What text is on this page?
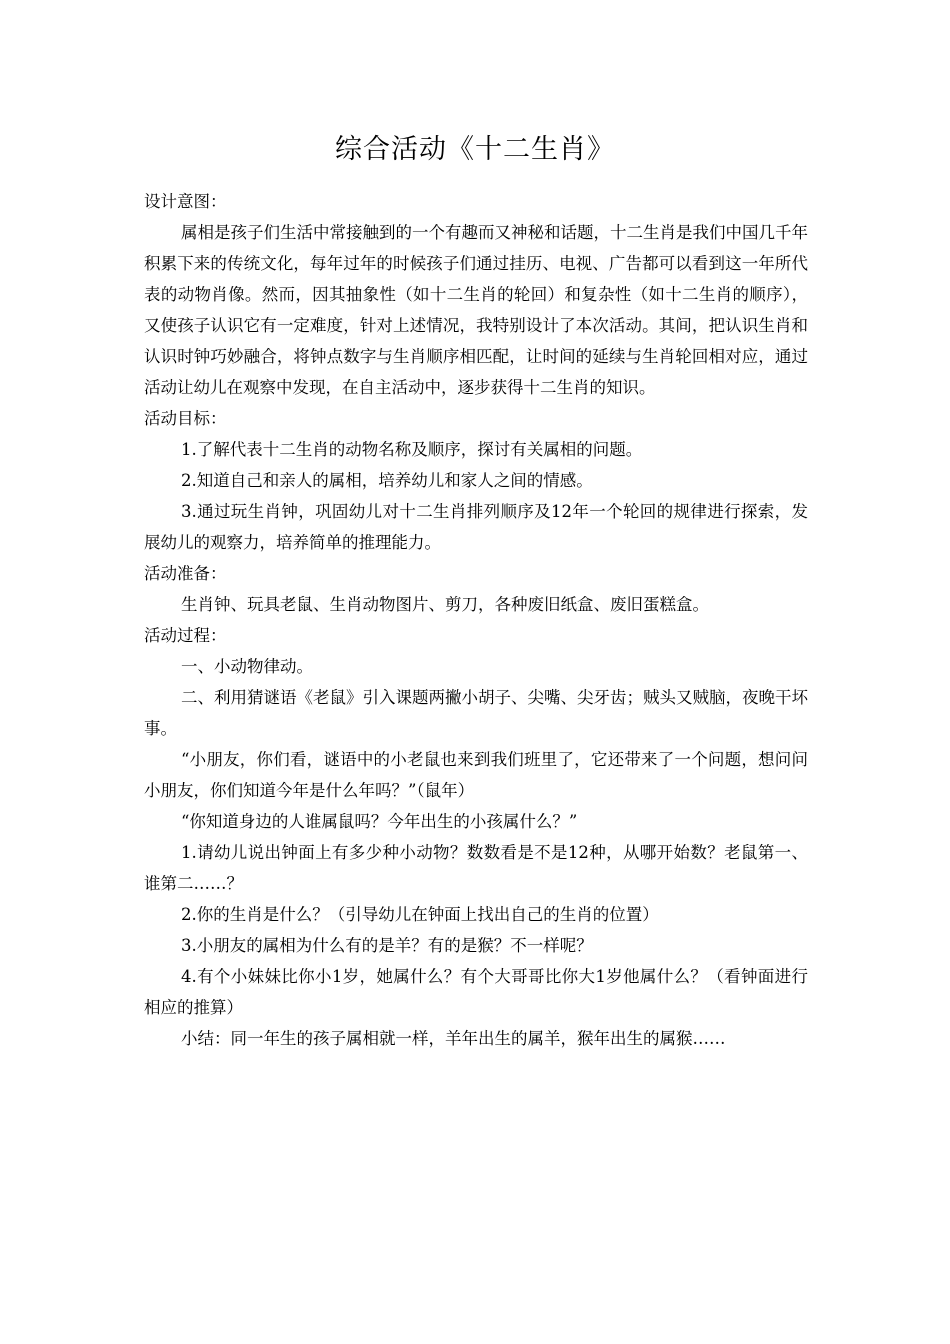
综合活动《十二生肖》

设计意图：

属相是孩子们生活中常接触到的一个有趣而又神秘和话题，十二生肖是我们中国几千年积累下来的传统文化，每年过年的时候孩子们通过挂历、电视、广告都可以看到这一年所代表的动物肖像。然而，因其抽象性（如十二生肖的轮回）和复杂性（如十二生肖的顺序），又使孩子认识它有一定难度，针对上述情况，我特别设计了本次活动。其间，把认识生肖和认识时钟巧妙融合，将钟点数字与生肖顺序相匹配，让时间的延续与生肖轮回相对应，通过活动让幼儿在观察中发现，在自主活动中，逐步获得十二生肖的知识。

活动目标：

1.了解代表十二生肖的动物名称及顺序，探讨有关属相的问题。

2.知道自己和亲人的属相，培养幼儿和家人之间的情感。

3.通过玩生肖钟，巩固幼儿对十二生肖排列顺序及12年一个轮回的规律进行探索，发展幼儿的观察力，培养简单的推理能力。

活动准备：

生肖钟、玩具老鼠、生肖动物图片、剪刀，各种废旧纸盒、废旧蛋糕盒。

活动过程：

一、小动物律动。

二、利用猜谜语《老鼠》引入课题两撇小胡子、尖嘴、尖牙齿；贼头又贼脑，夜晚干坏事。

“小朋友，你们看，谜语中的小老鼠也来到我们班里了，它还带来了一个问题，想问问小朋友，你们知道今年是什么年吗？”（鼠年）

“你知道身边的人谁属鼠吗？今年出生的小孩属什么？”

1.请幼儿说出钟面上有多少种小动物？数数看是不是12种，从哪开始数？老鼠第一、谁第二……？

2.你的生肖是什么？（引导幼儿在钟面上找出自己的生肖的位置）

3.小朋友的属相为什么有的是羊？有的是猴？不一样呢？

4.有个小妹妹比你小1岁，她属什么？有个大哥哥比你大1岁他属什么？（看钟面进行相应的推算）

小结：同一年生的孩子属相就一样，羊年出生的属羊，猴年出生的属猴……
